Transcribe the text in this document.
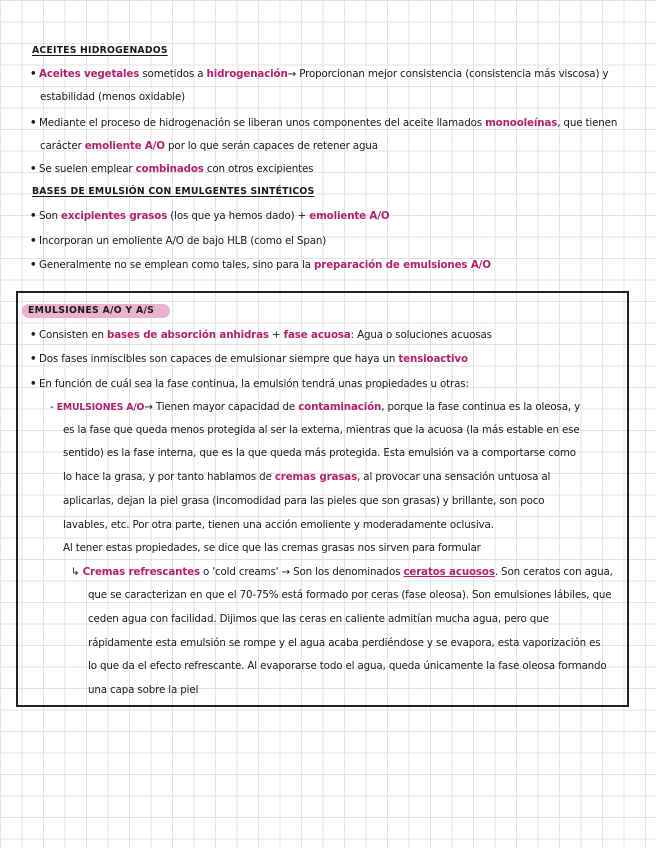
ACEITES HIDROGENADOS
• Aceites vegetales sometidos a hidrogenación→ Proporcionan mejor consistencia (consistencia más viscosa) y
estabilidad (menos oxidable)
• Mediante el proceso de hidrogenación se liberan unos componentes del aceite llamados monooleínas, que tienen
carácter emoliente A/O por lo que serán capaces de retener agua
• Se suelen emplear combinados con otros excipientes
BASES DE EMULSIÓN CON EMULGENTES SINTÉTICOS
• Son excipientes grasos (los que ya hemos dado) + emoliente A/O
• Incorporan un emoliente A/O de bajo HLB (como el Span)
• Generalmente no se emplean como tales, sino para la preparación de emulsiones A/O
EMULSIONES A/O Y A/S
• Consisten en bases de absorción anhidras + fase acuosa: Agua o soluciones acuosas
• Dos fases inmiscibles son capaces de emulsionar siempre que haya un tensioactivo
• En función de cuál sea la fase continua, la emulsión tendrá unas propiedades u otras:
- EMULSIONES A/O→ Tienen mayor capacidad de contaminación, porque la fase continua es la oleosa, y
es la fase que queda menos protegida al ser la externa, mientras que la acuosa (la más estable en ese
sentido) es la fase interna, que es la que queda más protegida. Esta emulsión va a comportarse como
lo hace la grasa, y por tanto hablamos de cremas grasas, al provocar una sensación untuosa al
aplicarlas, dejan la piel grasa (incomodidad para las pieles que son grasas) y brillante, son poco
lavables, etc. Por otra parte, tienen una acción emoliente y moderadamente oclusiva.
Al tener estas propiedades, se dice que las cremas grasas nos sirven para formular
↳ Cremas refrescantes o 'cold creams' → Son los denominados ceratos acuosos. Son ceratos con agua,
que se caracterizan en que el 70-75% está formado por ceras (fase oleosa). Son emulsiones lábiles, que
ceden agua con facilidad. Dijimos que las ceras en caliente admitían mucha agua, pero que
rápidamente esta emulsión se rompe y el agua acaba perdiéndose y se evapora, esta vaporización es
lo que da el efecto refrescante. Al evaporarse todo el agua, queda únicamente la fase oleosa formando
una capa sobre la piel
